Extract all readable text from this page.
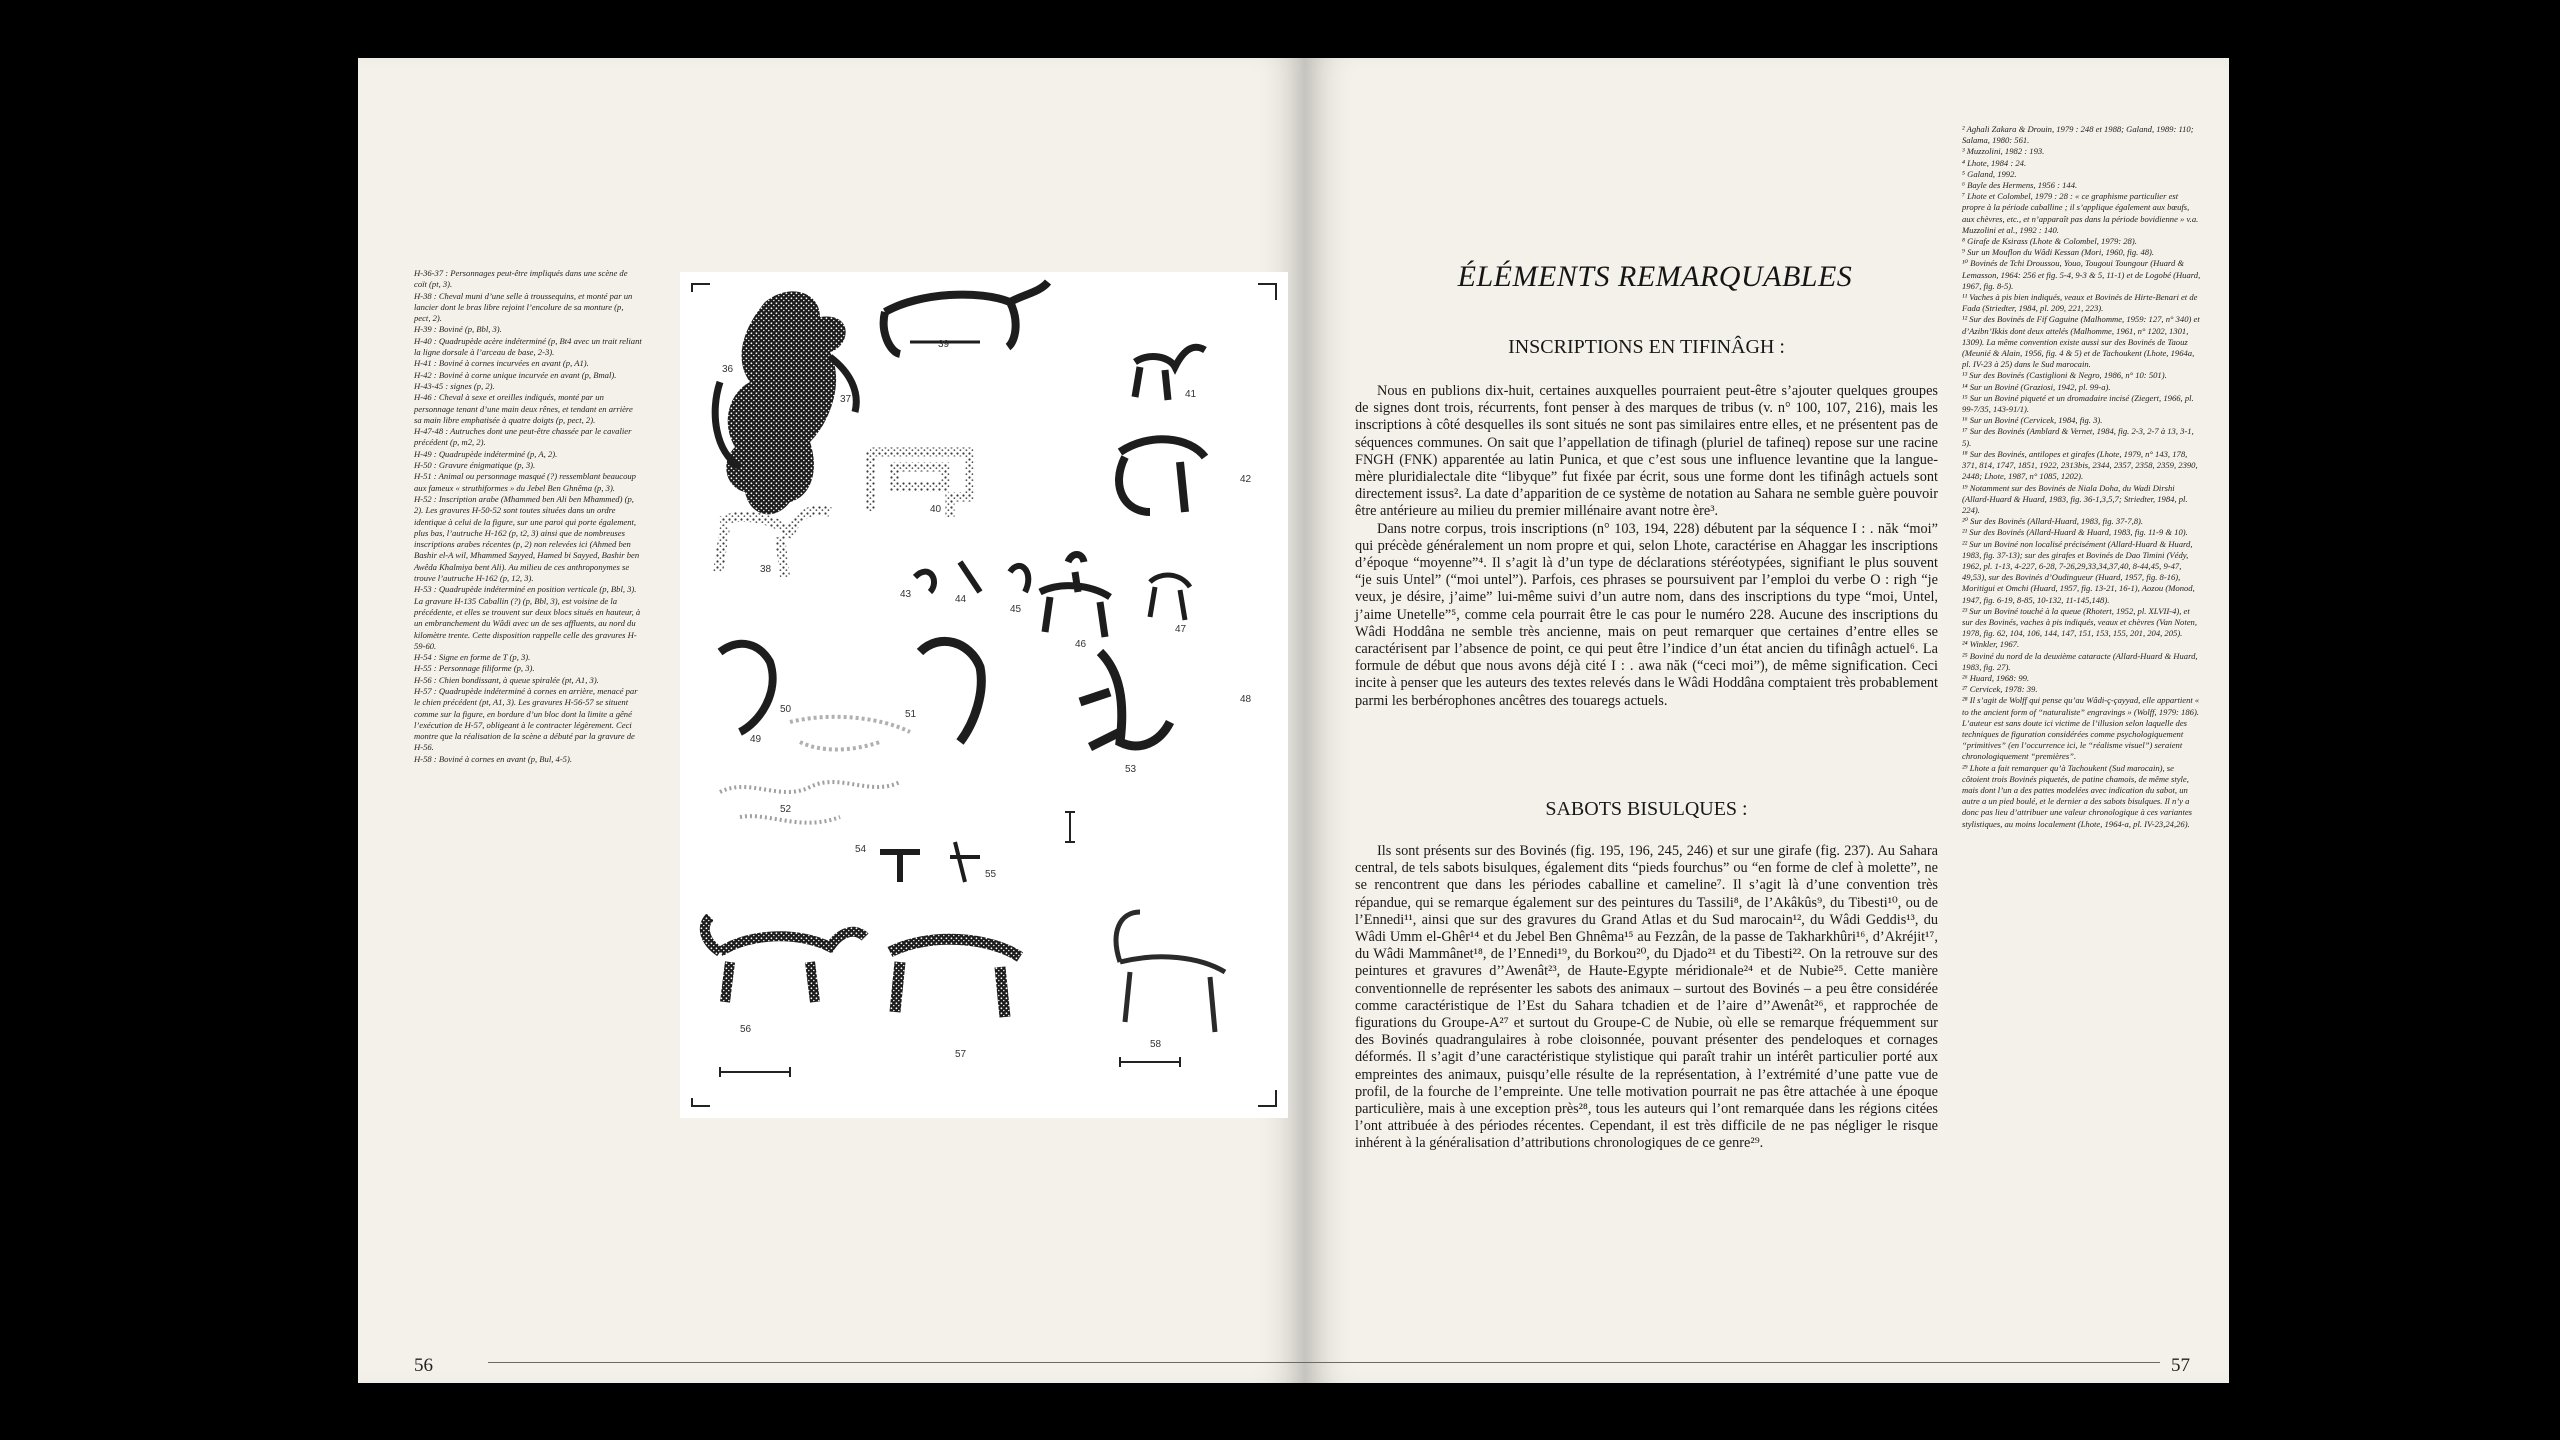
H-36-37 : Personnages peut-être impliqués dans une scène de coït (pt, 3).

H-38 : Cheval muni d’une selle à troussequins, et monté par un lancier dont le bras libre rejoint l’encolure de sa monture (p, pect, 2).

H-39 : Boviné (p, Bbl, 3).

H-40 : Quadrupède acère indéterminé (p, Bt4 avec un trait reliant la ligne dorsale à l’arceau de base, 2-3).

H-41 : Boviné à cornes incurvées en avant (p, A1).

H-42 : Boviné à corne unique incurvée en avant (p, Bmal).

H-43-45 : signes (p, 2).

H-46 : Cheval à sexe et oreilles indiqués, monté par un personnage tenant d’une main deux rênes, et tendant en arrière sa main libre emphatisée à quatre doigts (p, pect, 2).

H-47-48 : Autruches dont une peut-être chassée par le cavalier précédent (p, m2, 2).

H-49 : Quadrupède indéterminé (p, A, 2).

H-50 : Gravure énigmatique (p, 3).

H-51 : Animal ou personnage masqué (?) ressemblant beaucoup aux fameux « struthiformes » du Jebel Ben Ghnêma (p, 3).

H-52 : Inscription arabe (Mhammed ben Ali ben Mhammed) (p, 2). Les gravures H-50-52 sont toutes situées dans un ordre identique à celui de la figure, sur une paroi qui porte également, plus bas, l’autruche H-162 (p, t2, 3) ainsi que de nombreuses inscriptions arabes récentes (p, 2) non relevées ici (Ahmed ben Bashir el-A wil, Mhammed Sayyed, Hamed bi Sayyed, Bashir ben Awêda Khalmiya bent Ali). Au milieu de ces anthroponymes se trouve l’autruche H-162 (p, 12, 3).

H-53 : Quadrupède indéterminé en position verticale (p, Bbl, 3). La gravure H-135 Caballin (?) (p, Bbl, 3), est voisine de la précédente, et elles se trouvent sur deux blocs situés en hauteur, à un embranchement du Wâdi avec un de ses affluents, au nord du kilomètre trente. Cette disposition rappelle celle des gravures H-59-60.

H-54 : Signe en forme de T (p, 3).

H-55 : Personnage filiforme (p, 3).

H-56 : Chien bondissant, à queue spiralée (pt, A1, 3).

H-57 : Quadrupède indéterminé à cornes en arrière, menacé par le chien précédent (pt, A1, 3). Les gravures H-56-57 se situent comme sur la figure, en bordure d’un bloc dont la limite a gêné l’exécution de H-57, obligeant à le contracter légèrement. Ceci montre que la réalisation de la scène a débuté par la gravure de H-56.

H-58 : Boviné à cornes en avant (p, Bul, 4-5).

36
37
38
39
40
41
42
43	44
45
46
47
48
49
50	51
52
53
54
55
56
57
58
56
ÉLÉMENTS REMARQUABLES
INSCRIPTIONS EN TIFINÂGH :

Nous en publions dix-huit, certaines auxquelles pourraient peut-être s’ajouter quelques groupes de signes dont trois, récurrents, font penser à des marques de tribus (v. n° 100, 107, 216), mais les inscriptions à côté desquelles ils sont situés ne sont pas similaires entre elles, et ne présentent pas de séquences communes. On sait que l’appellation de tifinagh (pluriel de tafineq) repose sur une racine FNGH (FNK) apparentée au latin Punica, et que c’est sous une influence levantine que la langue-mère pluridialectale dite “libyque” fut fixée par écrit, sous une forme dont les tifinâgh actuels sont directement issus². La date d’apparition de ce système de notation au Sahara ne semble guère pouvoir être antérieure au milieu du premier millénaire avant notre ère³.

Dans notre corpus, trois inscriptions (n° 103, 194, 228) débutent par la séquence I : . năk “moi” qui précède généralement un nom propre et qui, selon Lhote, caractérise en Ahaggar les inscriptions d’époque “moyenne”⁴. Il s’agit là d’un type de déclarations stéréotypées, signifiant le plus souvent “je suis Untel” (“moi untel”). Parfois, ces phrases se poursuivent par l’emploi du verbe O : righ “je veux, je désire, j’aime” lui-même suivi d’un autre nom, dans des inscriptions du type “moi, Untel, j’aime Unetelle”⁵, comme cela pourrait être le cas pour le numéro 228. Aucune des inscriptions du Wâdi Hoddâna ne semble très ancienne, mais on peut remarquer que certaines d’entre elles se caractérisent par l’absence de point, ce qui peut être l’indice d’un état ancien du tifinâgh actuel⁶. La formule de début que nous avons déjà cité I : . awa năk (“ceci moi”), de même signification. Ceci incite à penser que les auteurs des textes relevés dans le Wâdi Hoddâna comptaient très probablement parmi les berbérophones ancêtres des touaregs actuels.

SABOTS BISULQUES :

Ils sont présents sur des Bovinés (fig. 195, 196, 245, 246) et sur une girafe (fig. 237). Au Sahara central, de tels sabots bisulques, également dits “pieds fourchus” ou “en forme de clef à molette”, ne se rencontrent que dans les périodes caballine et cameline⁷. Il s’agit là d’une convention très répandue, qui se remarque également sur des peintures du Tassili⁸, de l’Akâkûs⁹, du Tibesti¹⁰, ou de l’Ennedi¹¹, ainsi que sur des gravures du Grand Atlas et du Sud marocain¹², du Wâdi Geddis¹³, du Wâdi Umm el-Ghêr¹⁴ et du Jebel Ben Ghnêma¹⁵ au Fezzân, de la passe de Takharkhûri¹⁶, d’Akréjit¹⁷, du Wâdi Mammânet¹⁸, de l’Ennedi¹⁹, du Borkou²⁰, du Djado²¹ et du Tibesti²². On la retrouve sur des peintures et gravures d’’Awenât²³, de Haute-Egypte méridionale²⁴ et de Nubie²⁵. Cette manière conventionnelle de représenter les sabots des animaux – surtout des Bovinés – a peu être considérée comme caractéristique de l’Est du Sahara tchadien et de l’aire d’’Awenât²⁶, et rapprochée de figurations du Groupe-A²⁷ et surtout du Groupe-C de Nubie, où elle se remarque fréquemment sur des Bovinés quadrangulaires à robe cloisonnée, pouvant présenter des pendeloques et cornages déformés. Il s’agit d’une caractéristique stylistique qui paraît trahir un intérêt particulier porté aux empreintes des animaux, puisqu’elle résulte de la représentation, à l’extrémité d’une patte vue de profil, de la fourche de l’empreinte. Une telle motivation pourrait ne pas être attachée à une époque particulière, mais à une exception près²⁸, tous les auteurs qui l’ont remarquée dans les régions citées l’ont attribuée à des périodes récentes. Cependant, il est très difficile de ne pas négliger le risque inhérent à la généralisation d’attributions chronologiques de ce genre²⁹.

² Aghali Zakara & Drouin, 1979 : 248 et 1988; Galand, 1989: 110; Salama, 1980: 561.

³ Muzzolini, 1982 : 193.

⁴ Lhote, 1984 : 24.

⁵ Galand, 1992.

⁶ Bayle des Hermens, 1956 : 144.

⁷ Lhote et Colombel, 1979 : 28 : « ce graphisme particulier est propre à la période caballine ; il s’applique également aux bœufs, aux chèvres, etc., et n’apparaît pas dans la période bovidienne » v.a. Muzzolini et al., 1992 : 140.

⁸ Girafe de Ksirass (Lhote & Colombel, 1979: 28).

⁹ Sur un Mouflon du Wâdi Kessan (Mori, 1960, fig. 48).

¹⁰ Bovinés de Tchi Droussou, Youo, Tougoui Toungour (Huard & Lemasson, 1964: 256 et fig. 5-4, 9-3 & 5, 11-1) et de Logobé (Huard, 1967, fig. 8-5).

¹¹ Vaches à pis bien indiqués, veaux et Bovinés de Hirte-Benari et de Fada (Striedter, 1984, pl. 209, 221, 223).

¹² Sur des Bovinés de Fif Gaguine (Malhomme, 1959: 127, n° 340) et d’Azibn’Ikkis dont deux attelés (Malhomme, 1961, n° 1202, 1301, 1309). La même convention existe aussi sur des Bovinés de Taouz (Meunié & Alain, 1956, fig. 4 & 5) et de Tachoukent (Lhote, 1964a, pl. IV-23 à 25) dans le Sud marocain.

¹³ Sur des Bovinés (Castiglioni & Negro, 1986, n° 10: 501).

¹⁴ Sur un Boviné (Graziosi, 1942, pl. 99-a).

¹⁵ Sur un Boviné piqueté et un dromadaire incisé (Ziegert, 1966, pl. 99-7/35, 143-91/1).

¹⁶ Sur un Boviné (Cervicek, 1984, fig. 3).

¹⁷ Sur des Bovinés (Amblard & Vernet, 1984, fig. 2-3, 2-7 à 13, 3-1, 5).

¹⁸ Sur des Bovinés, antilopes et girafes (Lhote, 1979, n° 143, 178, 371, 814, 1747, 1851, 1922, 2313bis, 2344, 2357, 2358, 2359, 2390, 2448; Lhote, 1987, n° 1085, 1202).

¹⁹ Notamment sur des Bovinés de Niala Doha, du Wadi Dirshi (Allard-Huard & Huard, 1983, fig. 36-1,3,5,7; Striedter, 1984, pl. 224).

²⁰ Sur des Bovinés (Allard-Huard, 1983, fig. 37-7,8).

²¹ Sur des Bovinés (Allard-Huard & Huard, 1983, fig. 11-9 & 10).

²² Sur un Boviné non localisé précisément (Allard-Huard & Huard, 1983, fig. 37-13); sur des girafes et Bovinés de Dao Timini (Védy, 1962, pl. 1-13, 4-227, 6-28, 7-26,29,33,34,37,40, 8-44,45, 9-47, 49,53), sur des Bovinés d’Oudingueur (Huard, 1957, fig. 8-16), Moritigui et Omchi (Huard, 1957, fig. 13-21, 16-1), Aozou (Monod, 1947, fig. 6-19, 8-85, 10-132, 11-145,148).

²³ Sur un Boviné touché à la queue (Rhotert, 1952, pl. XLVII-4), et sur des Bovinés, vaches à pis indiqués, veaux et chèvres (Van Noten, 1978, fig. 62, 104, 106, 144, 147, 151, 153, 155, 201, 204, 205).

²⁴ Winkler, 1967.

²⁵ Boviné du nord de la deuxième cataracte (Allard-Huard & Huard, 1983, fig. 27).

²⁶ Huard, 1968: 99.

²⁷ Cervicek, 1978: 39.

²⁸ Il s’agit de Wolff qui pense qu’au Wâdi-ç-çayyad, elle appartient « to the ancient form of “naturaliste” engravings » (Wolff, 1979: 186). L’auteur est sans doute ici victime de l’illusion selon laquelle des techniques de figuration considérées comme psychologiquement “primitives” (en l’occurrence ici, le “réalisme visuel”) seraient chronologiquement “premières”.

²⁹ Lhote a fait remarquer qu’à Tachoukent (Sud marocain), se côtoient trois Bovinés piquetés, de patine chamois, de même style, mais dont l’un a des pattes modelées avec indication du sabot, un autre a un pied boulé, et le dernier a des sabots bisulques. Il n’y a donc pas lieu d’attribuer une valeur chronologique à ces variantes stylistiques, au moins localement (Lhote, 1964-a, pl. IV-23,24,26).

57
